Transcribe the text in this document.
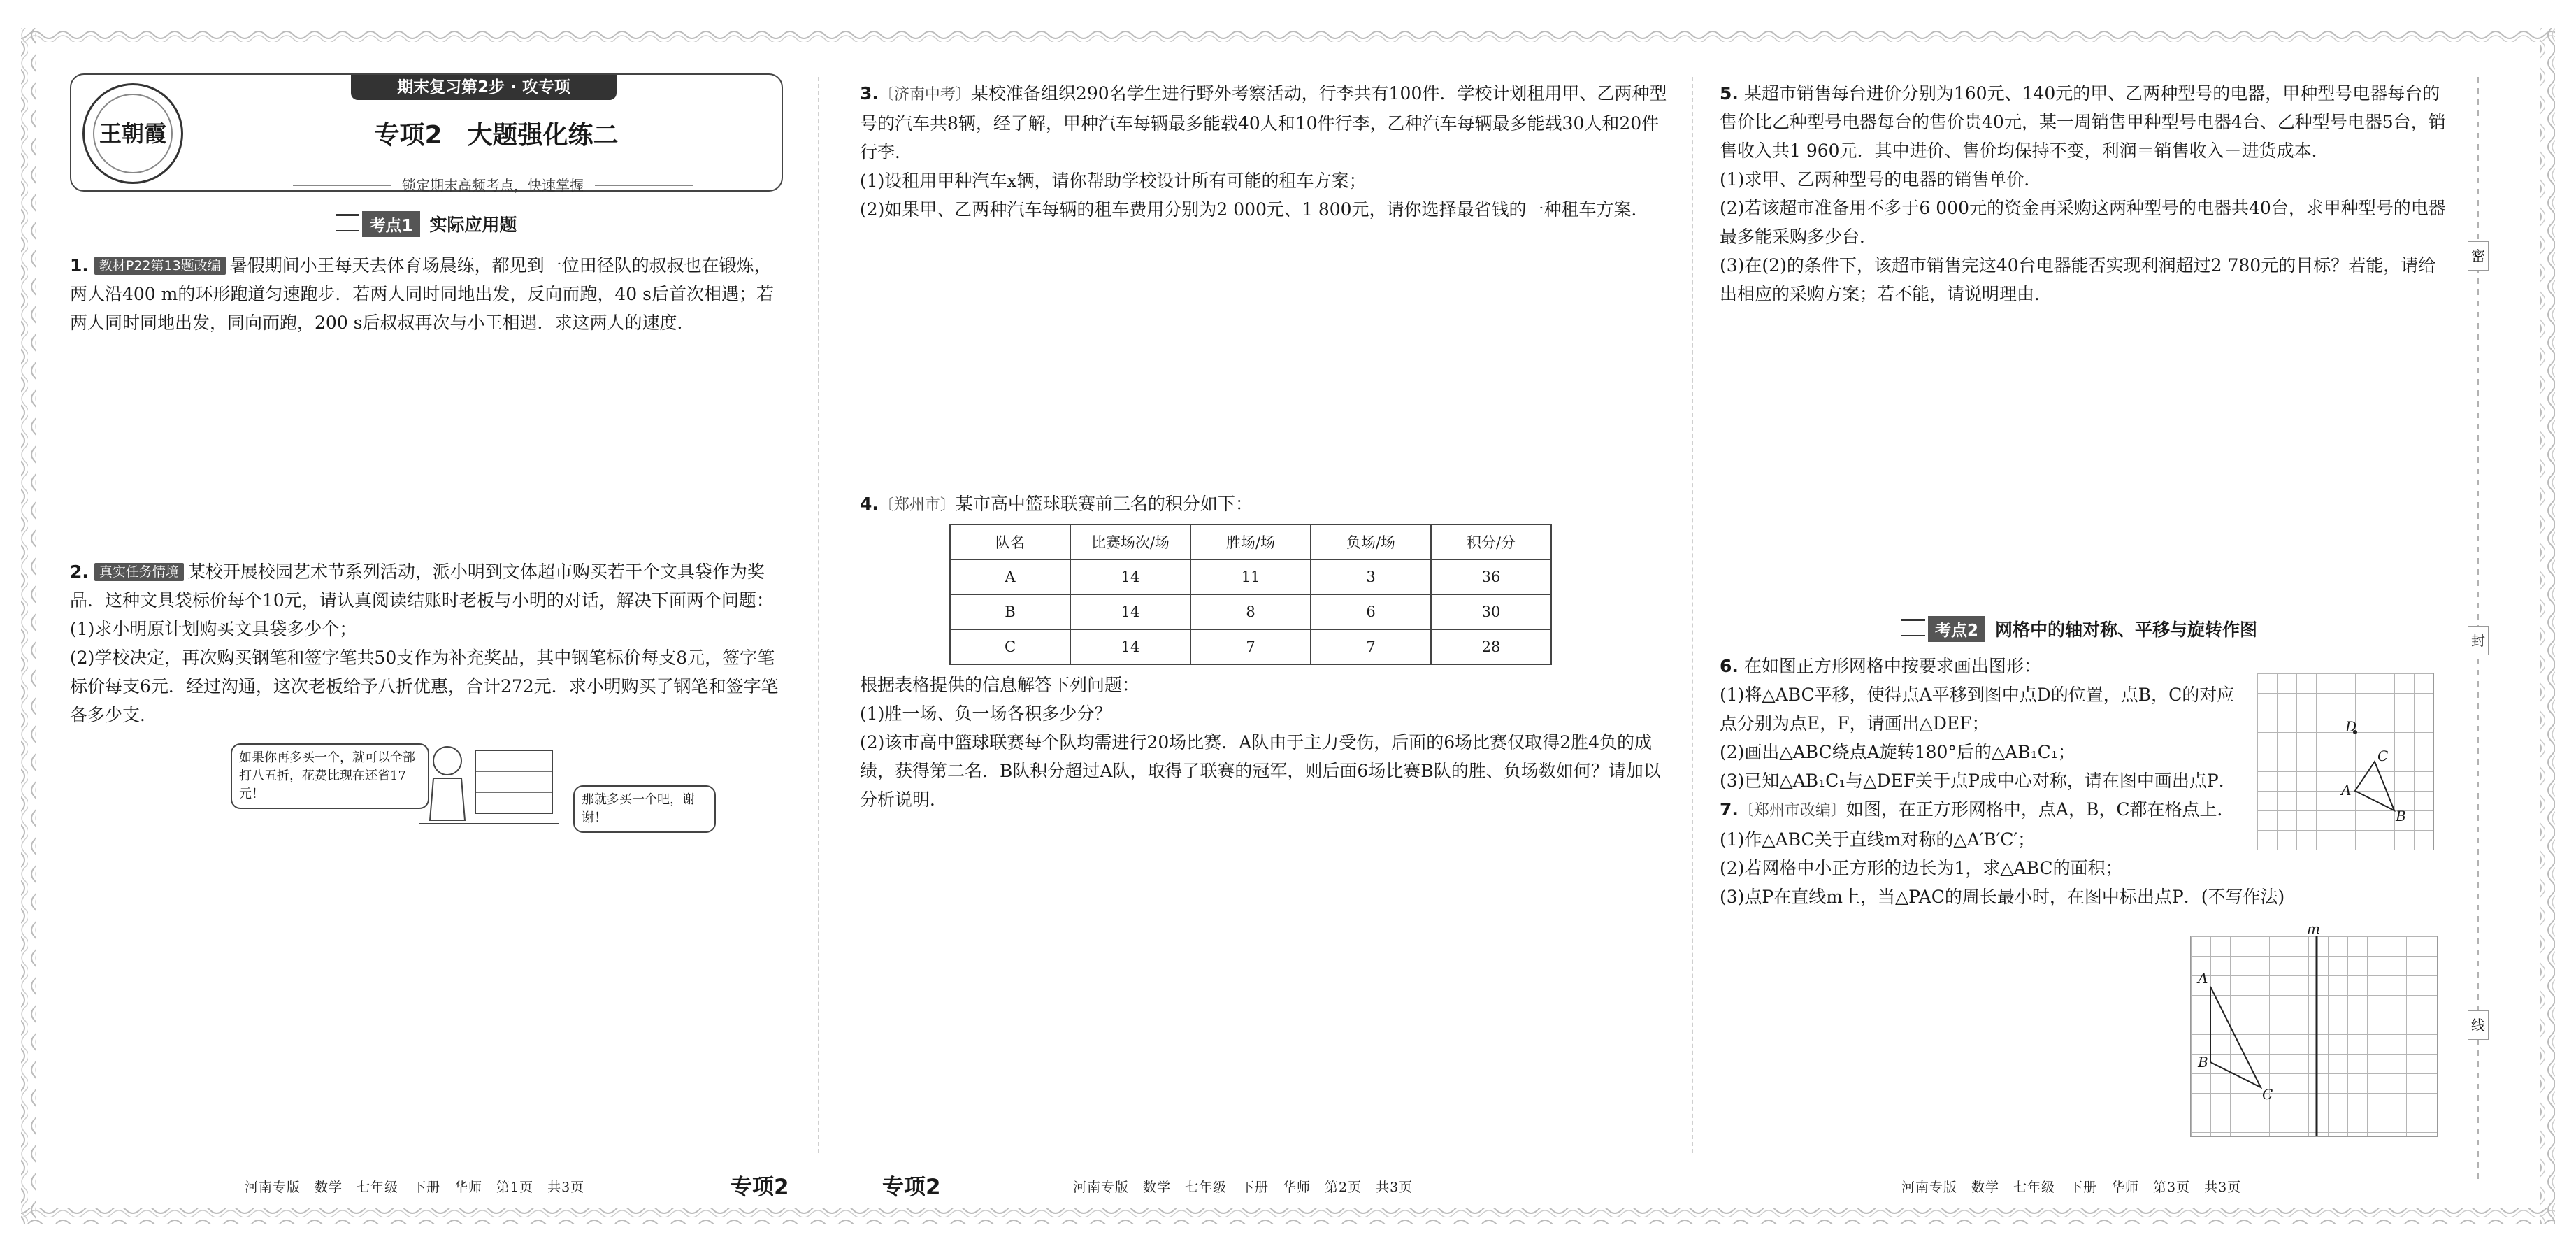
密
封
线
王朝霞
期末复习第2步 · 攻专项
专项2　大题强化练二
锁定期末高频考点，快速掌握
考点1 实际应用题

1. 教材P22第13题改编 暑假期间小王每天去体育场晨练，都见到一位田径队的叔叔也在锻炼，两人沿400 m的环形跑道匀速跑步．若两人同时同地出发，反向而跑，40 s后首次相遇；若两人同时同地出发，同向而跑，200 s后叔叔再次与小王相遇．求这两人的速度．

2. 真实任务情境 某校开展校园艺术节系列活动，派小明到文体超市购买若干个文具袋作为奖品．这种文具袋标价每个10元，请认真阅读结账时老板与小明的对话，解决下面两个问题：

(1)求小明原计划购买文具袋多少个；

(2)学校决定，再次购买钢笔和签字笔共50支作为补充奖品，其中钢笔标价每支8元，签字笔标价每支6元．经过沟通，这次老板给予八折优惠，合计272元．求小明购买了钢笔和签字笔各多少支．

如果你再多买一个，就可以全部打八五折，花费比现在还省17元！	那就多买一个吧，谢谢！

3.〔济南中考〕某校准备组织290名学生进行野外考察活动，行李共有100件．学校计划租用甲、乙两种型号的汽车共8辆，经了解，甲种汽车每辆最多能载40人和10件行李，乙种汽车每辆最多能载30人和20件行李．

(1)设租用甲种汽车x辆，请你帮助学校设计所有可能的租车方案；

(2)如果甲、乙两种汽车每辆的租车费用分别为2 000元、1 800元，请你选择最省钱的一种租车方案．

4.〔郑州市〕某市高中篮球联赛前三名的积分如下：

队名	比赛场次/场	胜场/场	负场/场	积分/分
A	14	11	3	36
B	14	8	6	30
C	14	7	7	28

根据表格提供的信息解答下列问题：

(1)胜一场、负一场各积多少分？

(2)该市高中篮球联赛每个队均需进行20场比赛．A队由于主力受伤，后面的6场比赛仅取得2胜4负的成绩，获得第二名．B队积分超过A队，取得了联赛的冠军，则后面6场比赛B队的胜、负场数如何？请加以分析说明．

5. 某超市销售每台进价分别为160元、140元的甲、乙两种型号的电器，甲种型号电器每台的售价比乙种型号电器每台的售价贵40元，某一周销售甲种型号电器4台、乙种型号电器5台，销售收入共1 960元．其中进价、售价均保持不变，利润＝销售收入－进货成本．

(1)求甲、乙两种型号的电器的销售单价．

(2)若该超市准备用不多于6 000元的资金再采购这两种型号的电器共40台，求甲种型号的电器最多能采购多少台．

(3)在(2)的条件下，该超市销售完这40台电器能否实现利润超过2 780元的目标？若能，请给出相应的采购方案；若不能，请说明理由．

考点2 网格中的轴对称、平移与旋转作图

6. 在如图正方形网格中按要求画出图形：

(1)将△ABC平移，使得点A平移到图中点D的位置，点B，C的对应点分别为点E，F，请画出△DEF；

(2)画出△ABC绕点A旋转180°后的△AB₁C₁；

(3)已知△AB₁C₁与△DEF关于点P成中心对称，请在图中画出点P．

7.〔郑州市改编〕如图，在正方形网格中，点A，B，C都在格点上．

(1)作△ABC关于直线m对称的△A′B′C′；

(2)若网格中小正方形的边长为1，求△ABC的面积；

(3)点P在直线m上，当△PAC的周长最小时，在图中标出点P．(不写作法)

A
B
C
D
A
B
C
m
河南专版　数学　七年级　下册　华师　第1页　共3页	专项2	专项2	河南专版　数学　七年级　下册　华师　第2页　共3页	河南专版　数学　七年级　下册　华师　第3页　共3页
